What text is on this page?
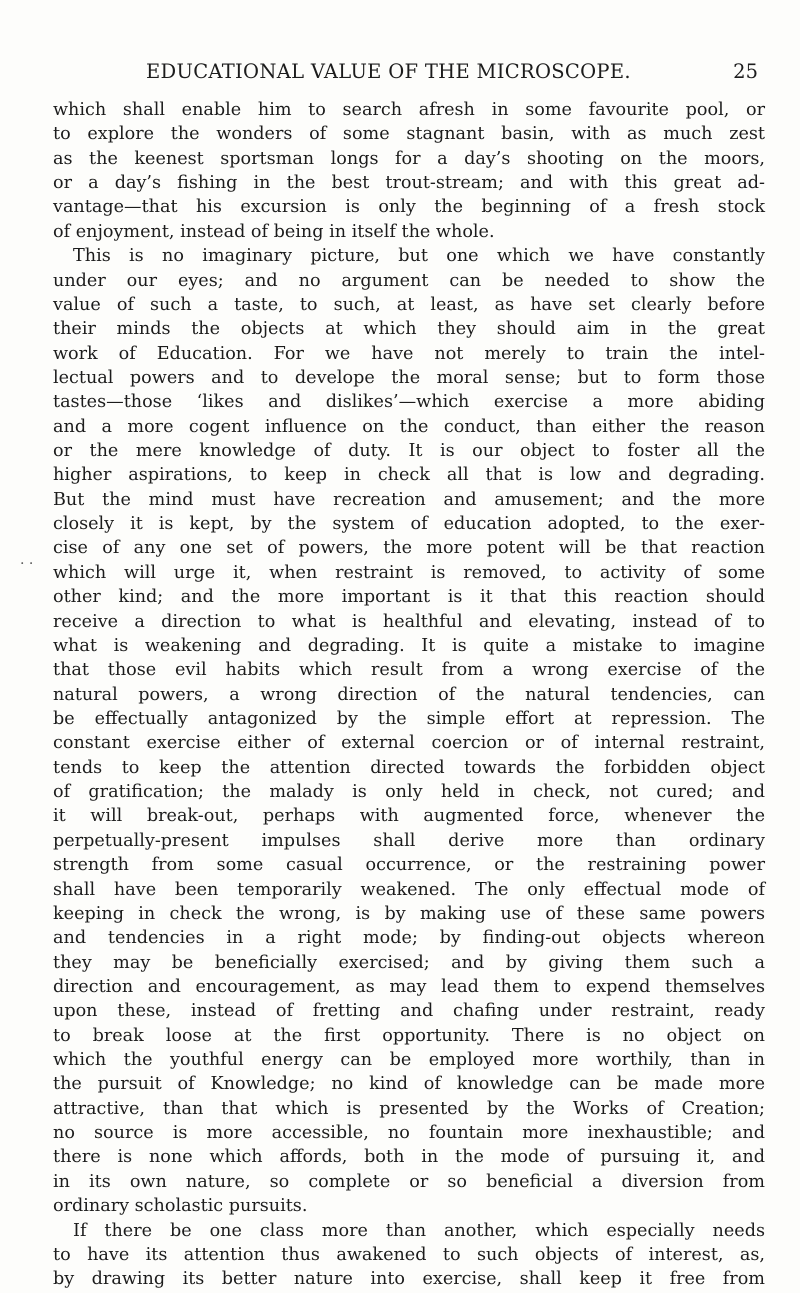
EDUCATIONAL VALUE OF THE MICROSCOPE.	25
. .
which shall enable him to search afresh in some favourite pool, or
to explore the wonders of some stagnant basin, with as much zest
as the keenest sportsman longs for a day’s shooting on the moors,
or a day’s fishing in the best trout-stream; and with this great ad-
vantage—that his excursion is only the beginning of a fresh stock
of enjoyment, instead of being in itself the whole.
This is no imaginary picture, but one which we have constantly
under our eyes; and no argument can be needed to show the
value of such a taste, to such, at least, as have set clearly before
their minds the objects at which they should aim in the great
work of Education. For we have not merely to train the intel-
lectual powers and to develope the moral sense; but to form those
tastes—those ‘likes and dislikes’—which exercise a more abiding
and a more cogent influence on the conduct, than either the reason
or the mere knowledge of duty. It is our object to foster all the
higher aspirations, to keep in check all that is low and degrading.
But the mind must have recreation and amusement; and the more
closely it is kept, by the system of education adopted, to the exer-
cise of any one set of powers, the more potent will be that reaction
which will urge it, when restraint is removed, to activity of some
other kind; and the more important is it that this reaction should
receive a direction to what is healthful and elevating, instead of to
what is weakening and degrading. It is quite a mistake to imagine
that those evil habits which result from a wrong exercise of the
natural powers, a wrong direction of the natural tendencies, can
be effectually antagonized by the simple effort at repression. The
constant exercise either of external coercion or of internal restraint,
tends to keep the attention directed towards the forbidden object
of gratification; the malady is only held in check, not cured; and
it will break-out, perhaps with augmented force, whenever the
perpetually-present impulses shall derive more than ordinary
strength from some casual occurrence, or the restraining power
shall have been temporarily weakened. The only effectual mode of
keeping in check the wrong, is by making use of these same powers
and tendencies in a right mode; by finding-out objects whereon
they may be beneficially exercised; and by giving them such a
direction and encouragement, as may lead them to expend themselves
upon these, instead of fretting and chafing under restraint, ready
to break loose at the first opportunity. There is no object on
which the youthful energy can be employed more worthily, than in
the pursuit of Knowledge; no kind of knowledge can be made more
attractive, than that which is presented by the Works of Creation;
no source is more accessible, no fountain more inexhaustible; and
there is none which affords, both in the mode of pursuing it, and
in its own nature, so complete or so beneficial a diversion from
ordinary scholastic pursuits.
If there be one class more than another, which especially needs
to have its attention thus awakened to such objects of interest, as,
by drawing its better nature into exercise, shall keep it free from
